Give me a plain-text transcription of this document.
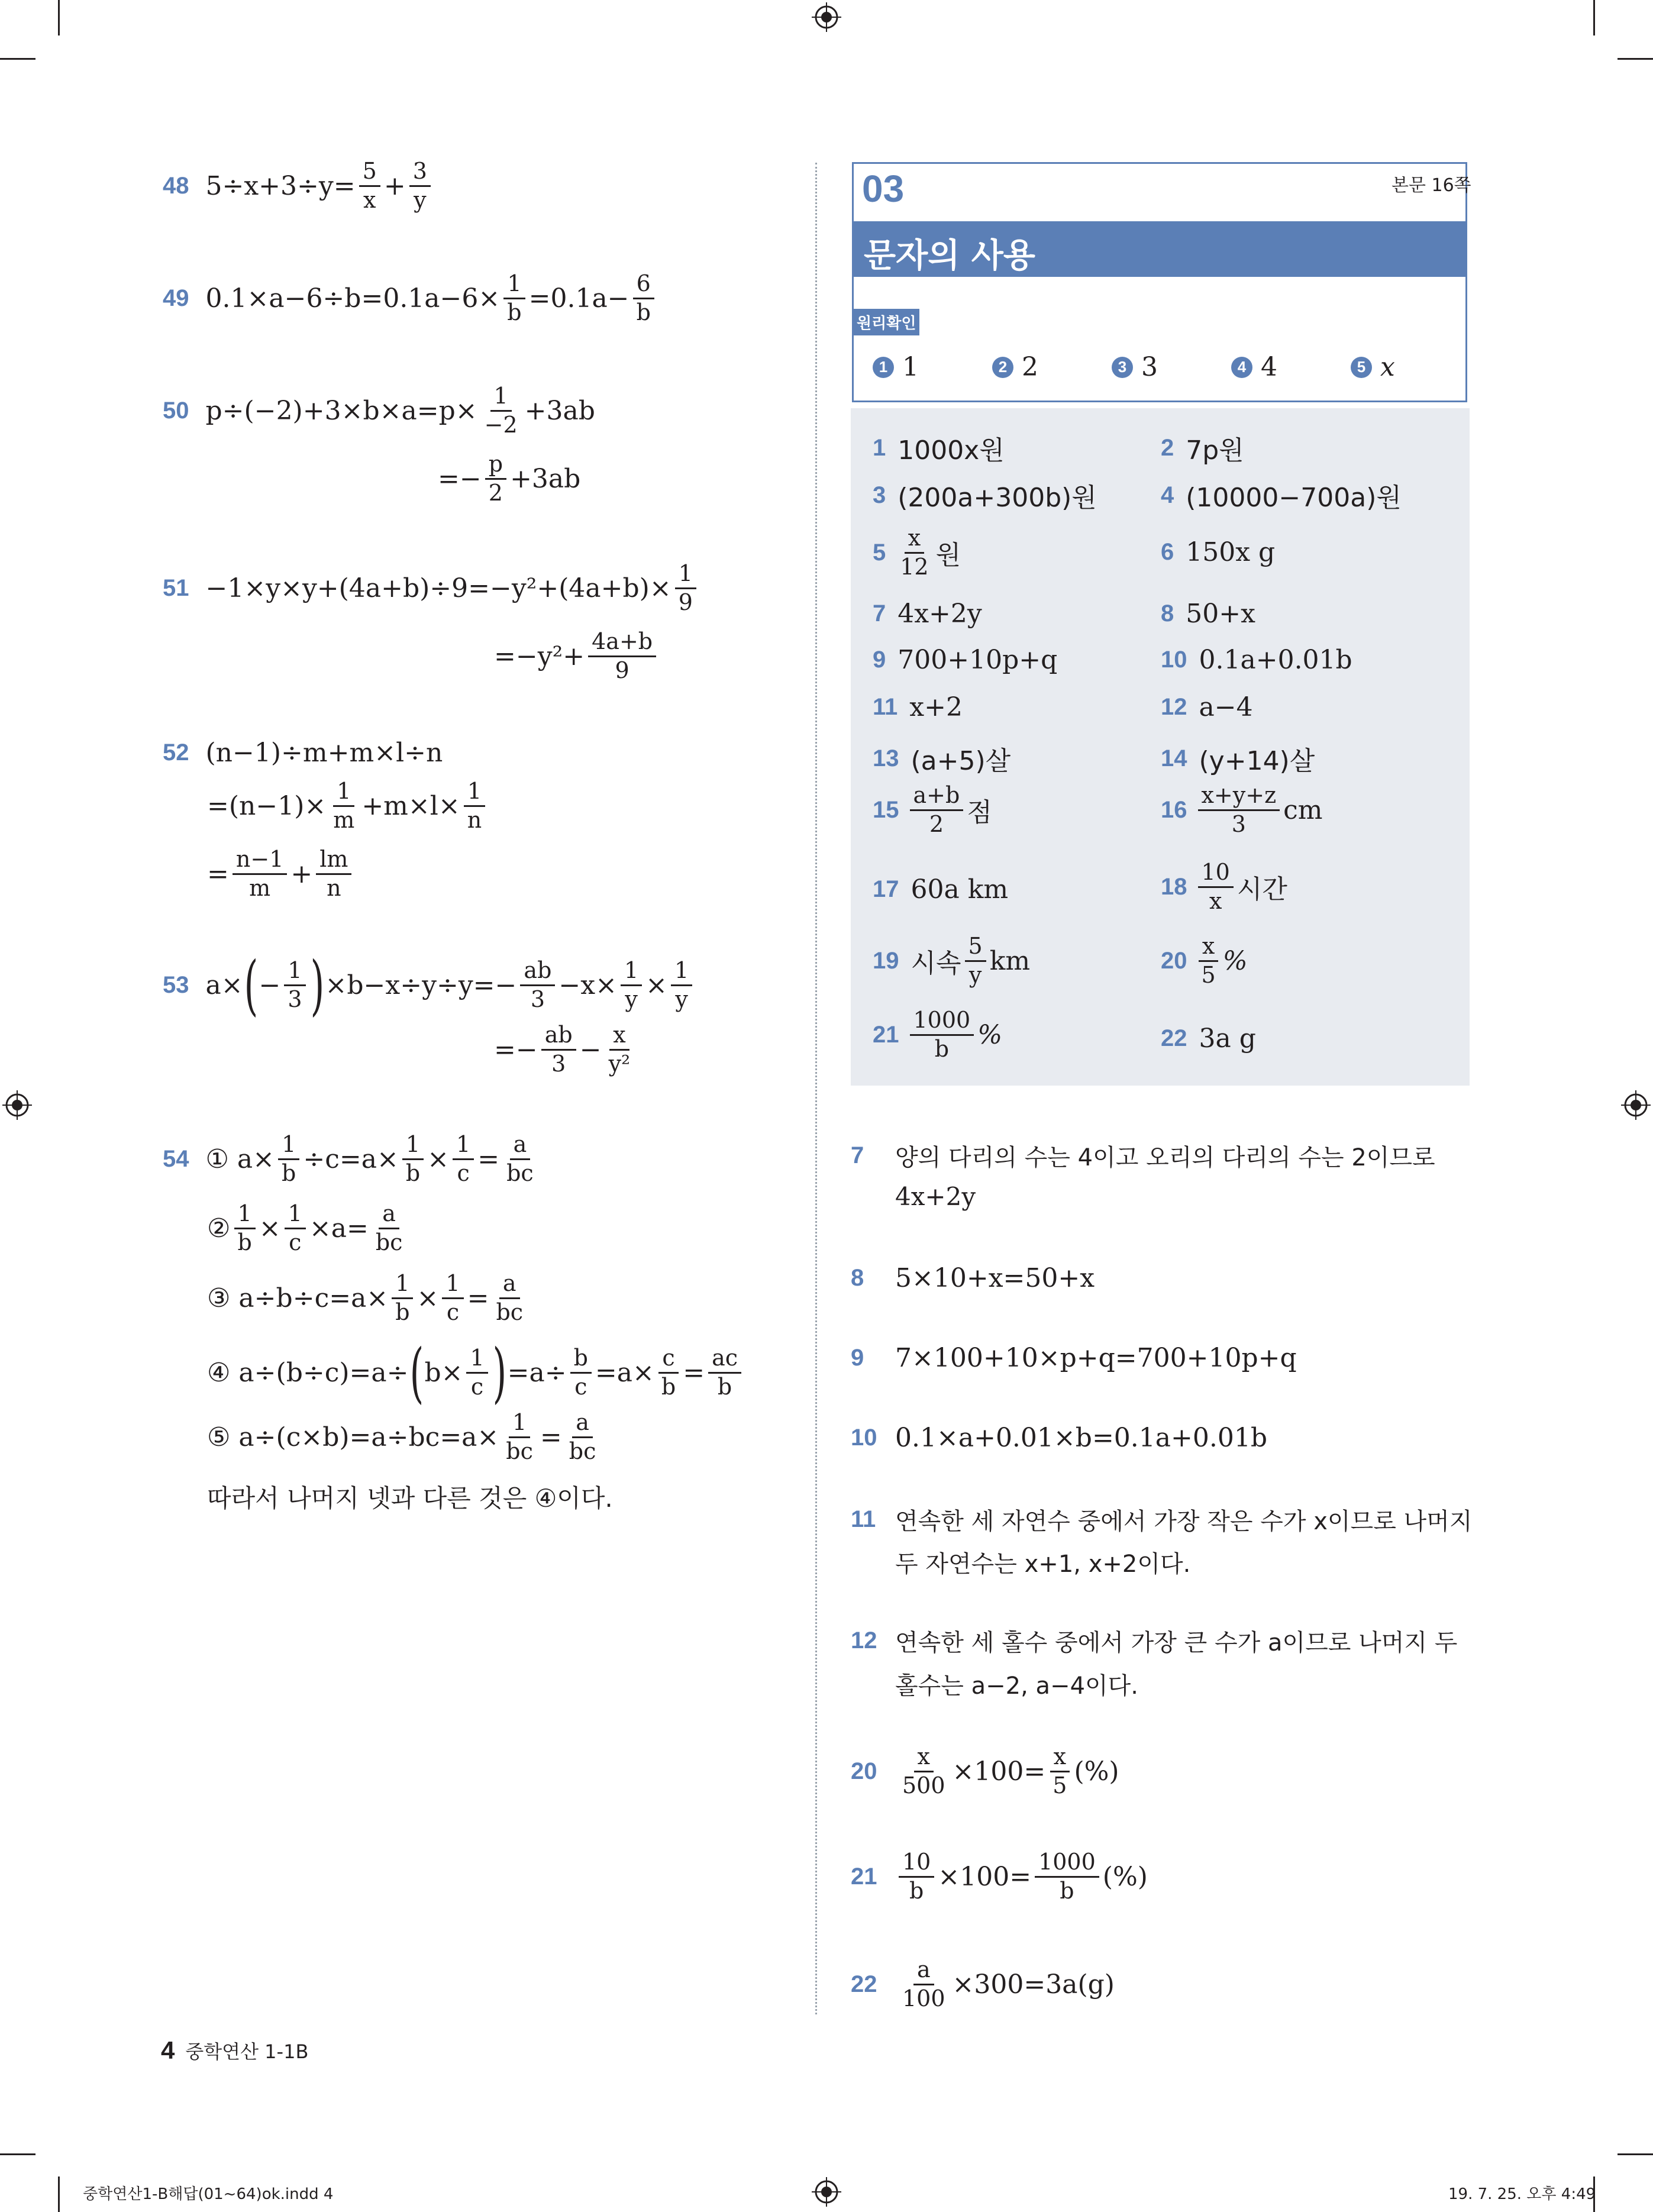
48 $5\div x+3\div y= \frac{5}{x} + \frac{3}{y}$
49 $0.1\times a-6\div b=0.1a-6\times \frac{1}{b} =0.1a- \frac{6}{b}$
50 $p\div(-2)+3\times b\times a=p\times \frac{1}{-2} +3ab$
=− $\frac{p}{2} +3ab$
$51 -1\times y\times y+(4a+b)\div 9=-y^2+(4a+b)\times \frac{1}{9}$
$=-y^2+ \frac{4a+b}{9}$
52 (n−1)÷m+m×l÷n
$=(n-1)\times \frac{1}{m} +m\times l\times \frac{1}{n}$
= $\frac{n-1}{m} + \frac{lm}{n}$
53 a× ( − $\frac{1}{3}$ ) $\times b-x\div y\div y=- \frac{ab}{3} -x\times \frac{1}{y} \times \frac{1}{y}$
=− $\frac{ab}{3} - \frac{x}{\text{y²}}$
54 ① $a\times \frac{1}{b} \div c=a\times \frac{1}{b} \times \frac{1}{c} = \frac{a}{bc}$
② $\frac{1}{b} \times \frac{1}{c} \times a= \frac{a}{bc}$
③ $a\div b\div c=a\times \frac{1}{b} \times \frac{1}{c} = \frac{a}{bc}$
④ a÷(b÷c)=a÷ ( $b\times \frac{1}{c}$ ) $=a\div \frac{b}{c} =a\times \frac{c}{b} = \frac{ac}{b}$
⑤ $a\div(c\times b)=a\div bc=a\times \frac{1}{bc} = \frac{a}{bc}$
따라서 나머지 넷과 다른 것은 ④이다.
03	본문 16쪽
문자의 사용
원리확인
1 1	2 2	3 3	4 4	5 x
1 1000x원	2 7p원
3 (200a+300b)원	4 (10000−700a)원
$5 \frac{x}{12}$ 원	6 150x g
7 4x+2y	8 50+x
9 700+10p+q	10 0.1a+0.01b
11 x+2	12 a−4
13 (a+5)살	14 (y+14)살
$15 \frac{a+b}{2}$ 점	$16 \frac{x+y+z}{3}$ cm
17 60a km	$18 \frac{10}{x}$ 시간
19 시속 $\frac{5}{y}$ km	$20 \frac{x}{5}$ %
$21 \frac{1000}{b}$ %	22 3a g
7	양의 다리의 수는 4이고 오리의 다리의 수는 2이므로
4x+2y
8	5×10+x=50+x
9	7×100+10×p+q=700+10p+q
10 0.1×a+0.01×b=0.1a+0.01b
11 연속한 세 자연수 중에서 가장 작은 수가 x이므로 나머지
두 자연수는 x+1, x+2이다.
12 연속한 세 홀수 중에서 가장 큰 수가 a이므로 나머지 두
홀수는 a−2, a−4이다.
$20 \frac{x}{500} \times 100= \frac{x}{5}$ (%)
$21 \frac{10}{b} \times 100= \frac{1000}{b}$ (%)
$22 \frac{a}{100} \times 300=3a(g)$
4 중학연산 1-1B
중학연산1-B해답(01~64)ok.indd 4	19. 7. 25. 오후 4:49
